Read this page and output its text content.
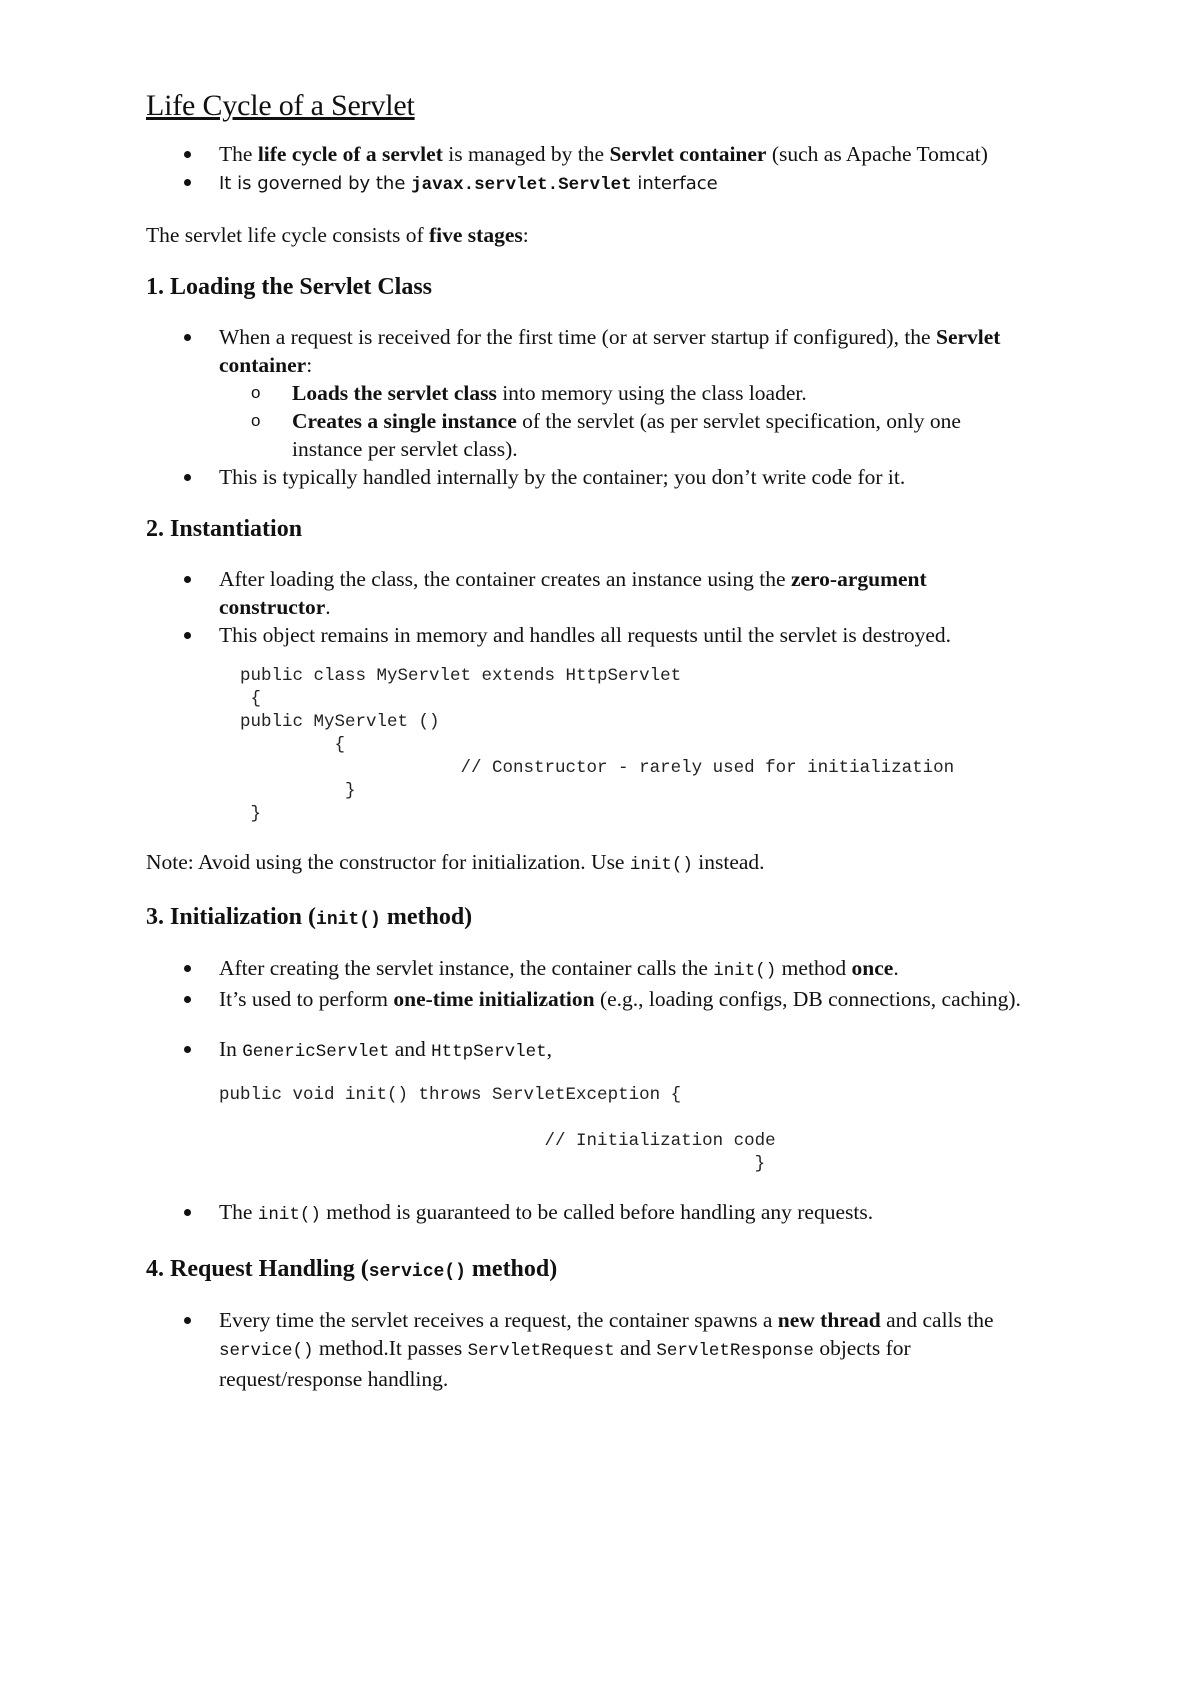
Life Cycle of a Servlet
The life cycle of a servlet is managed by the Servlet container (such as Apache Tomcat)
It is governed by the javax.servlet.Servlet interface

The servlet life cycle consists of five stages:

1. Loading the Servlet Class
When a request is received for the first time (or at server startup if configured), the Servlet container:
o Loads the servlet class into memory using the class loader.
o Creates a single instance of the servlet (as per servlet specification, only one instance per servlet class).
This is typically handled internally by the container; you don’t write code for it.
2. Instantiation
After loading the class, the container creates an instance using the zero-argument constructor.
This object remains in memory and handles all requests until the servlet is destroyed.
public class MyServlet extends HttpServlet
{
public MyServlet ()
{
// Constructor - rarely used for initialization
}
}

Note: Avoid using the constructor for initialization. Use init() instead.

3. Initialization (init() method)
After creating the servlet instance, the container calls the init() method once.
It’s used to perform one-time initialization (e.g., loading configs, DB connections, caching).
In GenericServlet and HttpServlet,
public void init() throws ServletException {

// Initialization code
}
The init() method is guaranteed to be called before handling any requests.
4. Request Handling (service() method)
Every time the servlet receives a request, the container spawns a new thread and calls the service() method.It passes ServletRequest and ServletResponse objects for request/response handling.
